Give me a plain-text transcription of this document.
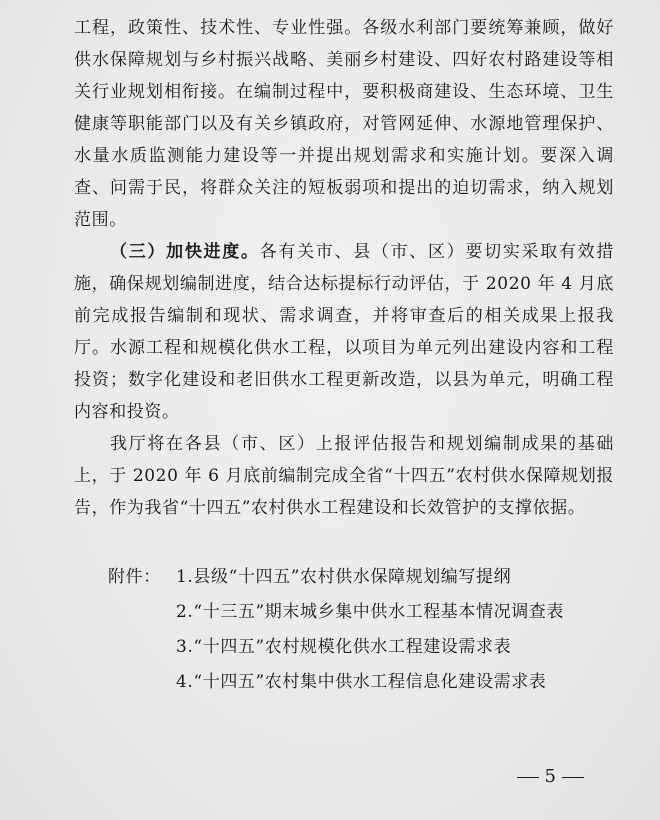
工程，政策性、技术性、专业性强。各级水利部门要统筹兼顾，做好供水保障规划与乡村振兴战略、美丽乡村建设、四好农村路建设等相关行业规划相衔接。在编制过程中，要积极商建设、生态环境、卫生健康等职能部门以及有关乡镇政府，对管网延伸、水源地管理保护、水量水质监测能力建设等一并提出规划需求和实施计划。要深入调查、问需于民，将群众关注的短板弱项和提出的迫切需求，纳入规划范围。

（三）加快进度。各有关市、县（市、区）要切实采取有效措施，确保规划编制进度，结合达标提标行动评估，于 2020 年 4 月底前完成报告编制和现状、需求调查，并将审查后的相关成果上报我厅。水源工程和规模化供水工程，以项目为单元列出建设内容和工程投资；数字化建设和老旧供水工程更新改造，以县为单元，明确工程内容和投资。

我厅将在各县（市、区）上报评估报告和规划编制成果的基础上，于 2020 年 6 月底前编制完成全省“十四五”农村供水保障规划报告，作为我省“十四五”农村供水工程建设和长效管护的支撑依据。

附件： 1.县级“十四五”农村供水保障规划编写提纲
2.“十三五”期末城乡集中供水工程基本情况调查表
3.“十四五”农村规模化供水工程建设需求表
4.“十四五”农村集中供水工程信息化建设需求表
5
